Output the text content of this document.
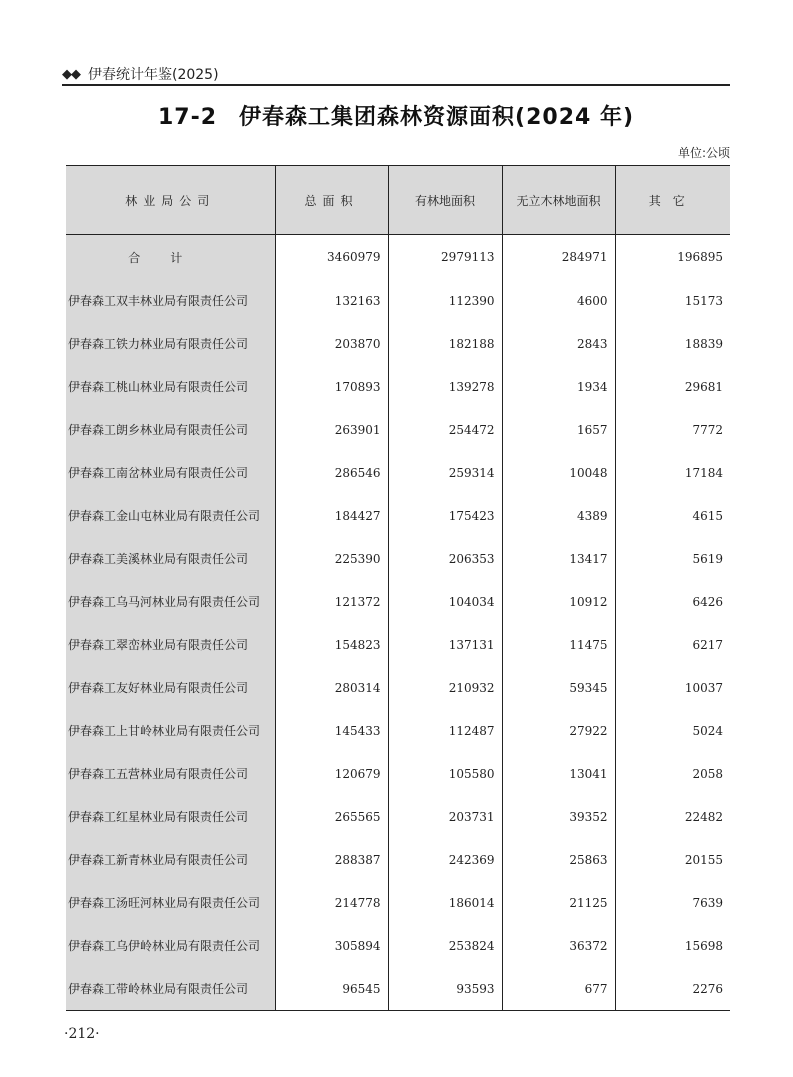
◆◆ 伊春统计年鉴(2025)
17-2 伊春森工集团森林资源面积(2024 年)
单位:公顷
林业局公司	总面积	有林地面积	无立木林地面积	其它
合计	3460979	2979113	284971	196895
伊春森工双丰林业局有限责任公司	132163	112390	4600	15173
伊春森工铁力林业局有限责任公司	203870	182188	2843	18839
伊春森工桃山林业局有限责任公司	170893	139278	1934	29681
伊春森工朗乡林业局有限责任公司	263901	254472	1657	7772
伊春森工南岔林业局有限责任公司	286546	259314	10048	17184
伊春森工金山屯林业局有限责任公司	184427	175423	4389	4615
伊春森工美溪林业局有限责任公司	225390	206353	13417	5619
伊春森工乌马河林业局有限责任公司	121372	104034	10912	6426
伊春森工翠峦林业局有限责任公司	154823	137131	11475	6217
伊春森工友好林业局有限责任公司	280314	210932	59345	10037
伊春森工上甘岭林业局有限责任公司	145433	112487	27922	5024
伊春森工五营林业局有限责任公司	120679	105580	13041	2058
伊春森工红星林业局有限责任公司	265565	203731	39352	22482
伊春森工新青林业局有限责任公司	288387	242369	25863	20155
伊春森工汤旺河林业局有限责任公司	214778	186014	21125	7639
伊春森工乌伊岭林业局有限责任公司	305894	253824	36372	15698
伊春森工带岭林业局有限责任公司	96545	93593	677	2276
·212·
